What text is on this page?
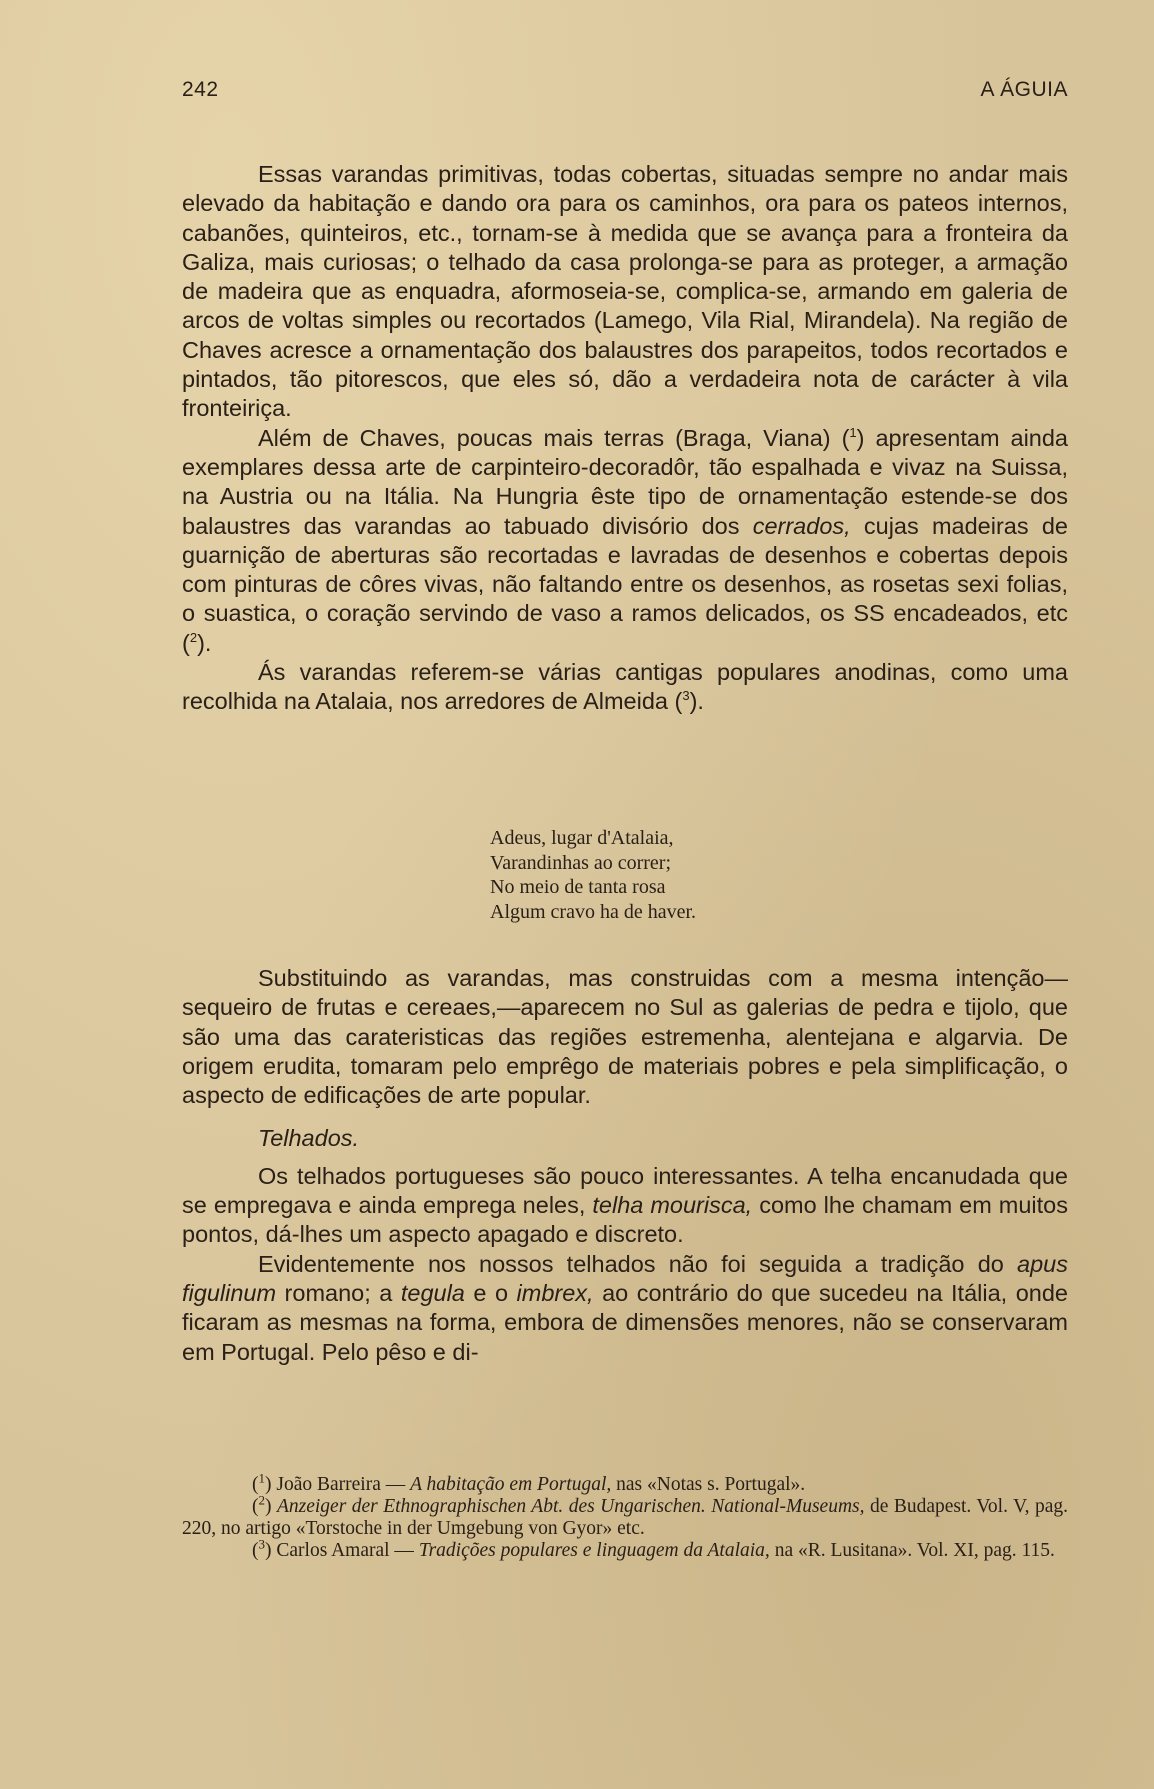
242	A ÁGUIA

Essas varandas primitivas, todas cobertas, situadas sempre no andar mais elevado da habitação e dando ora para os caminhos, ora para os pateos internos, cabanões, quinteiros, etc., tornam-se à medida que se avança para a fronteira da Galiza, mais curiosas; o telhado da casa prolonga-se para as proteger, a armação de madeira que as enquadra, aformoseia-se, complica-se, armando em galeria de arcos de voltas simples ou recortados (Lamego, Vila Rial, Mirandela). Na região de Chaves acresce a ornamentação dos balaustres dos parapeitos, todos recortados e pintados, tão pitorescos, que eles só, dão a verdadeira nota de carácter à vila fronteiriça.

Além de Chaves, poucas mais terras (Braga, Viana) ($^1$) apresentam ainda exemplares dessa arte de carpinteiro-decoradôr, tão espalhada e vivaz na Suissa, na Austria ou na Itália. Na Hungria êste tipo de ornamentação estende-se dos balaustres das varandas ao tabuado divisório dos cerrados, cujas madeiras de guarnição de aberturas são recortadas e lavradas de desenhos e cobertas depois com pinturas de côres vivas, não faltando entre os desenhos, as rosetas sexi folias, o suastica, o coração servindo de vaso a ramos delicados, os SS encadeados, etc ($^2$).

Ás varandas referem-se várias cantigas populares anodinas, como uma recolhida na Atalaia, nos arredores de Almeida ($^3$).

Adeus, lugar d'Atalaia,
Varandinhas ao correr;
No meio de tanta rosa
Algum cravo ha de haver.

Substituindo as varandas, mas construidas com a mesma intenção—sequeiro de frutas e cereaes,—aparecem no Sul as galerias de pedra e tijolo, que são uma das carateristicas das regiões estremenha, alentejana e algarvia. De origem erudita, tomaram pelo emprêgo de materiais pobres e pela simplificação, o aspecto de edificações de arte popular.

Telhados.

Os telhados portugueses são pouco interessantes. A telha encanudada que se empregava e ainda emprega neles, telha mourisca, como lhe chamam em muitos pontos, dá-lhes um aspecto apagado e discreto.

Evidentemente nos nossos telhados não foi seguida a tradição do apus figulinum romano; a tegula e o imbrex, ao contrário do que sucedeu na Itália, onde ficaram as mesmas na forma, embora de dimensões menores, não se conservaram em Portugal. Pelo pêso e di-

($^1$) João Barreira — A habitação em Portugal, nas «Notas s. Portugal».

($^2$) Anzeiger der Ethnographischen Abt. des Ungarischen. National-Museums, de Budapest. Vol. V, pag. 220, no artigo «Torstoche in der Umgebung von Gyor» etc.

($^3$) Carlos Amaral — Tradições populares e linguagem da Atalaia, na «R. Lusitana». Vol. XI, pag. 115.
